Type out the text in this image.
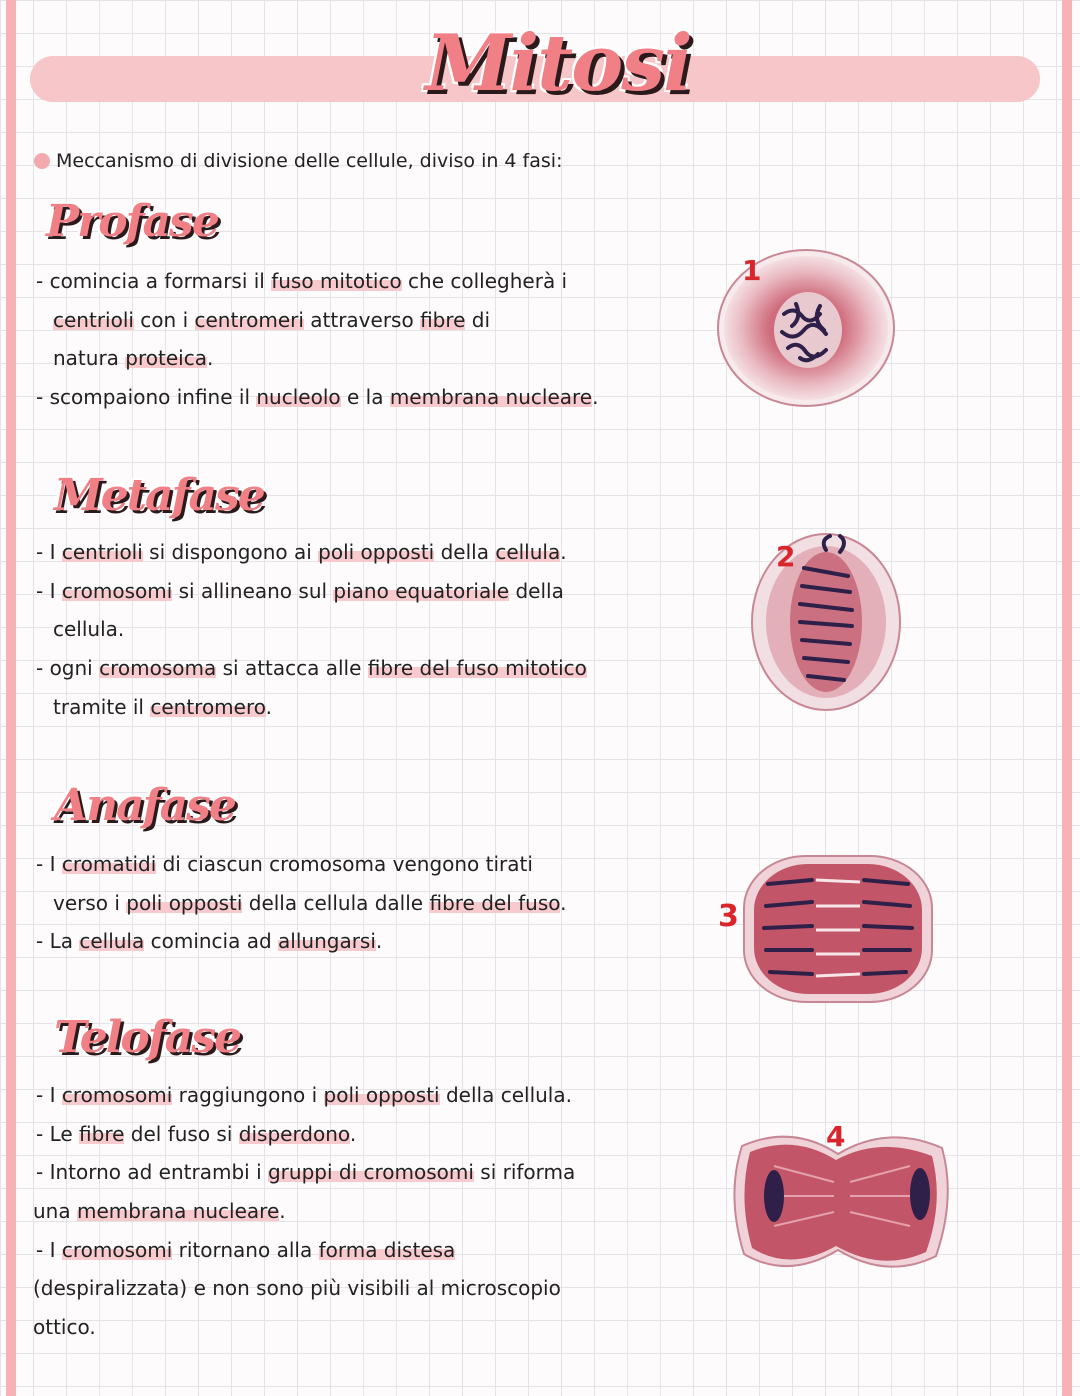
Mitosi
Meccanismo di divisione delle cellule, diviso in 4 fasi:
Profase
- comincia a formarsi il fuso mitotico che collegherà i
centrioli con i centromeri attraverso fibre di
natura proteica.
- scompaiono infine il nucleolo e la membrana nucleare.
1
Metafase
- I centrioli si dispongono ai poli opposti della cellula.
- I cromosomi si allineano sul piano equatoriale della
cellula.
- ogni cromosoma si attacca alle fibre del fuso mitotico
tramite il centromero.
2
Anafase
- I cromatidi di ciascun cromosoma vengono tirati
verso i poli opposti della cellula dalle fibre del fuso.
- La cellula comincia ad allungarsi.
3
Telofase
- I cromosomi raggiungono i poli opposti della cellula.
- Le fibre del fuso si disperdono.
- Intorno ad entrambi i gruppi di cromosomi si riforma
una membrana nucleare.
- I cromosomi ritornano alla forma distesa
(despiralizzata) e non sono più visibili al microscopio
ottico.
4
